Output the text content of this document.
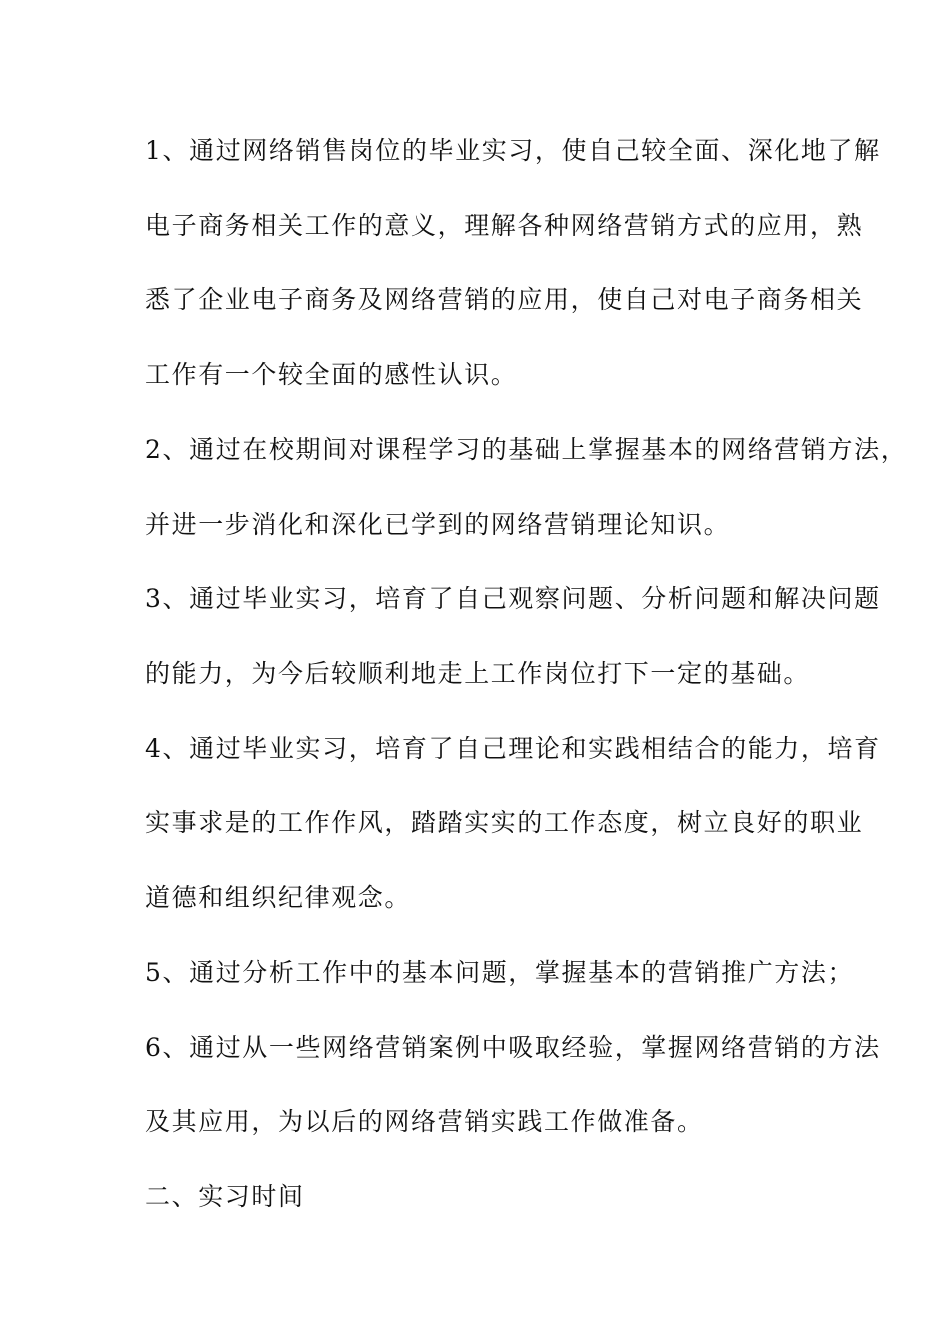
1、通过网络销售岗位的毕业实习，使自己较全面、深化地了解
电子商务相关工作的意义，理解各种网络营销方式的应用，熟
悉了企业电子商务及网络营销的应用，使自己对电子商务相关
工作有一个较全面的感性认识。
2、通过在校期间对课程学习的基础上掌握基本的网络营销方法，
并进一步消化和深化已学到的网络营销理论知识。
3、通过毕业实习，培育了自己观察问题、分析问题和解决问题
的能力，为今后较顺利地走上工作岗位打下一定的基础。
4、通过毕业实习，培育了自己理论和实践相结合的能力，培育
实事求是的工作作风，踏踏实实的工作态度，树立良好的职业
道德和组织纪律观念。
5、通过分析工作中的基本问题，掌握基本的营销推广方法；
6、通过从一些网络营销案例中吸取经验，掌握网络营销的方法
及其应用，为以后的网络营销实践工作做准备。
二、实习时间
